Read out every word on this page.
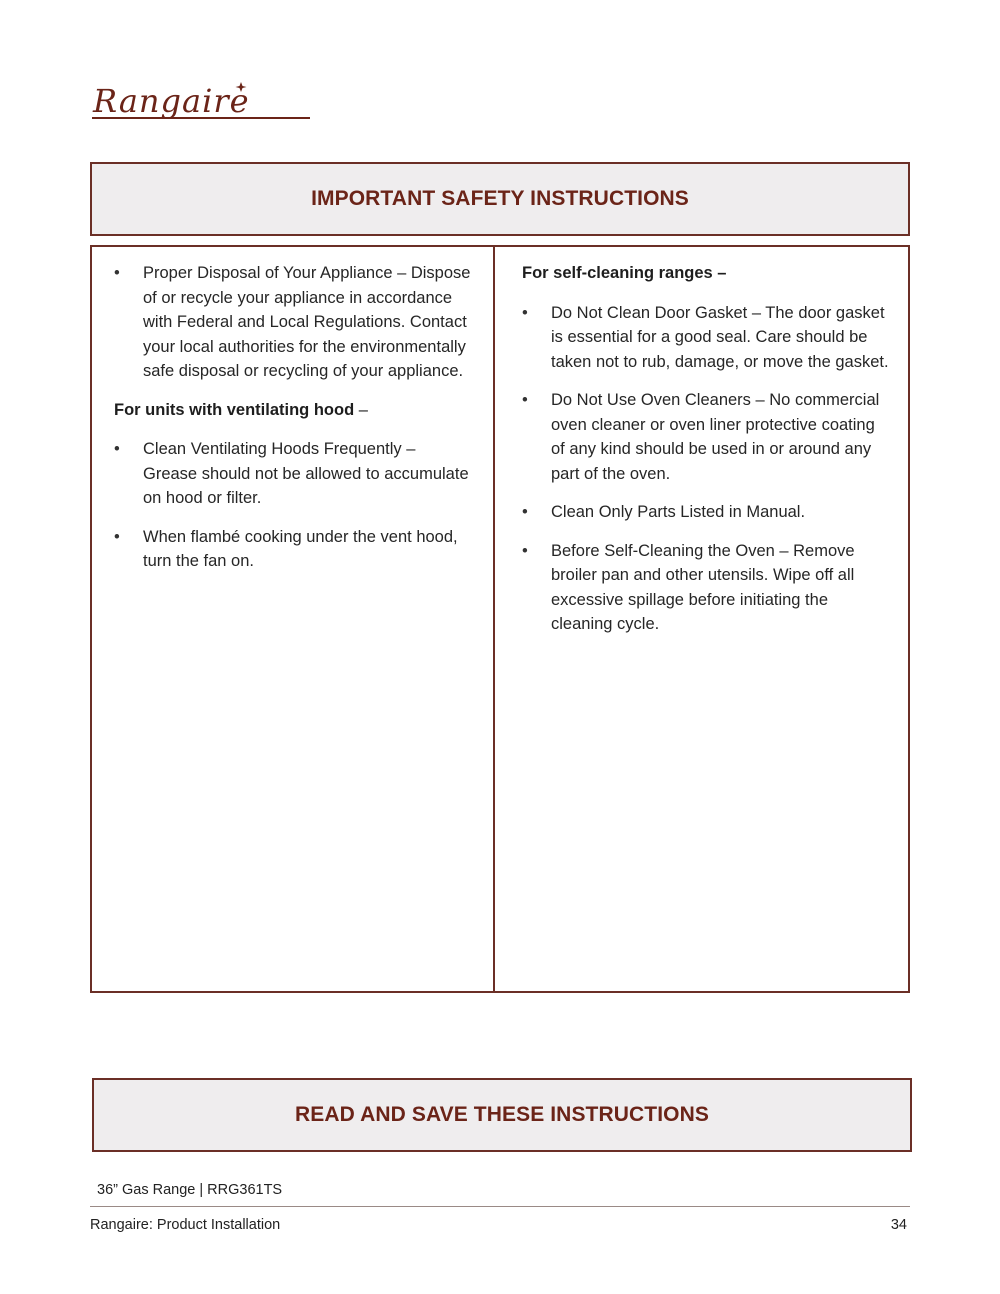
Rangaire
IMPORTANT SAFETY INSTRUCTIONS
• Proper Disposal of Your Appliance – Dispose of or recycle your appliance in accordance with Federal and Local Regulations. Contact your local authorities for the environmentally safe disposal or recycling of your appliance.
For units with ventilating hood –
• Clean Ventilating Hoods Frequently – Grease should not be allowed to accumulate on hood or filter.
• When flambé cooking under the vent hood, turn the fan on.
For self-cleaning ranges –
• Do Not Clean Door Gasket – The door gasket is essential for a good seal. Care should be taken not to rub, damage, or move the gasket.
• Do Not Use Oven Cleaners – No commercial oven cleaner or oven liner protective coating of any kind should be used in or around any part of the oven.
• Clean Only Parts Listed in Manual.
• Before Self-Cleaning the Oven – Remove broiler pan and other utensils. Wipe off all excessive spillage before initiating the cleaning cycle.
READ AND SAVE THESE INSTRUCTIONS
36” Gas Range | RRG361TS
Rangaire: Product Installation	34
